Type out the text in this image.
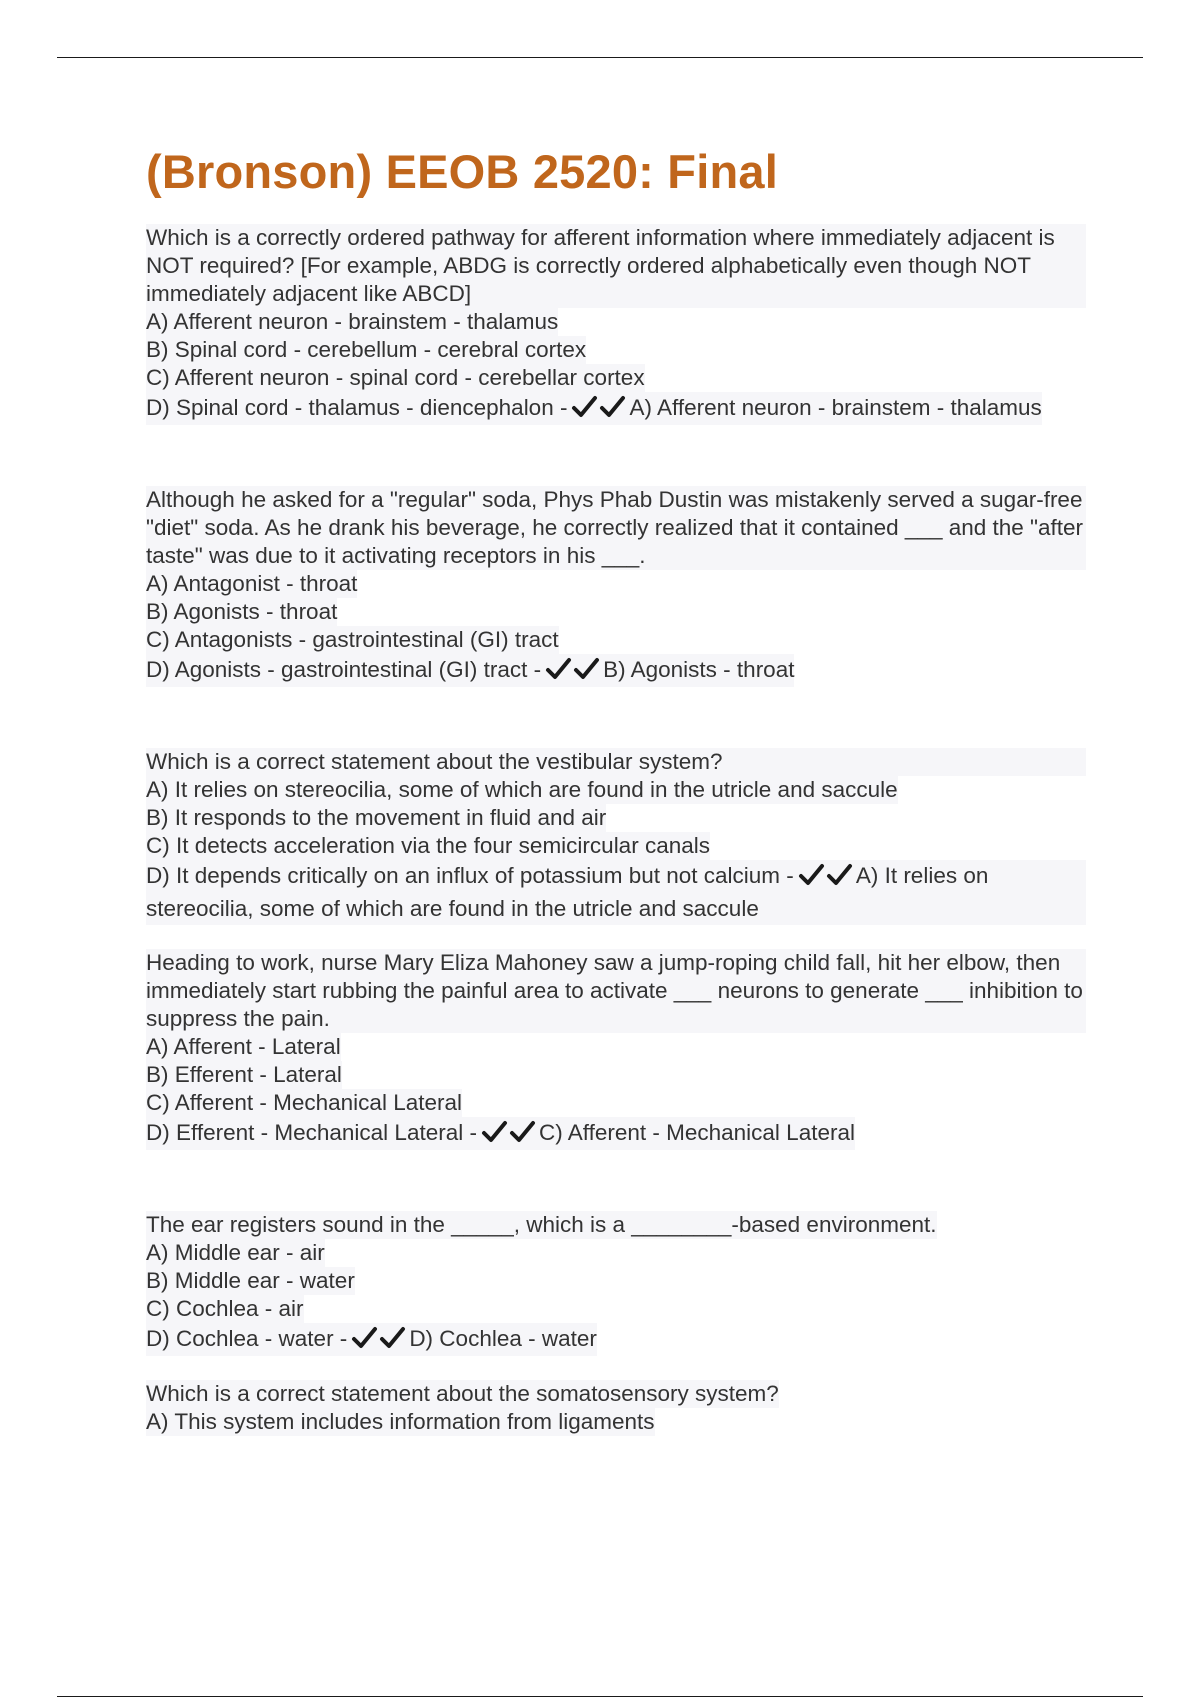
(Bronson) EEOB 2520: Final
Which is a correctly ordered pathway for afferent information where immediately adjacent is NOT required? [For example, ABDG is correctly ordered alphabetically even though NOT immediately adjacent like ABCD]
A) Afferent neuron - brainstem - thalamus
B) Spinal cord - cerebellum - cerebral cortex
C) Afferent neuron - spinal cord - cerebellar cortex
D) Spinal cord - thalamus - diencephalon -	A) Afferent neuron - brainstem - thalamus
Although he asked for a "regular" soda, Phys Phab Dustin was mistakenly served a sugar-free "diet" soda. As he drank his beverage, he correctly realized that it contained ___ and the "after taste" was due to it activating receptors in his ___.
A) Antagonist - throat
B) Agonists - throat
C) Antagonists - gastrointestinal (GI) tract
D) Agonists - gastrointestinal (GI) tract -	B) Agonists - throat
Which is a correct statement about the vestibular system?
A) It relies on stereocilia, some of which are found in the utricle and saccule
B) It responds to the movement in fluid and air
C) It detects acceleration via the four semicircular canals
D) It depends critically on an influx of potassium but not calcium -	A) It relies on stereocilia, some of which are found in the utricle and saccule
Heading to work, nurse Mary Eliza Mahoney saw a jump-roping child fall, hit her elbow, then immediately start rubbing the painful area to activate ___ neurons to generate ___ inhibition to suppress the pain.
A) Afferent - Lateral
B) Efferent - Lateral
C) Afferent - Mechanical Lateral
D) Efferent - Mechanical Lateral -	C) Afferent - Mechanical Lateral
The ear registers sound in the _____, which is a ________-based environment.
A) Middle ear - air
B) Middle ear - water
C) Cochlea - air
D) Cochlea - water -	D) Cochlea - water
Which is a correct statement about the somatosensory system?
A) This system includes information from ligaments
